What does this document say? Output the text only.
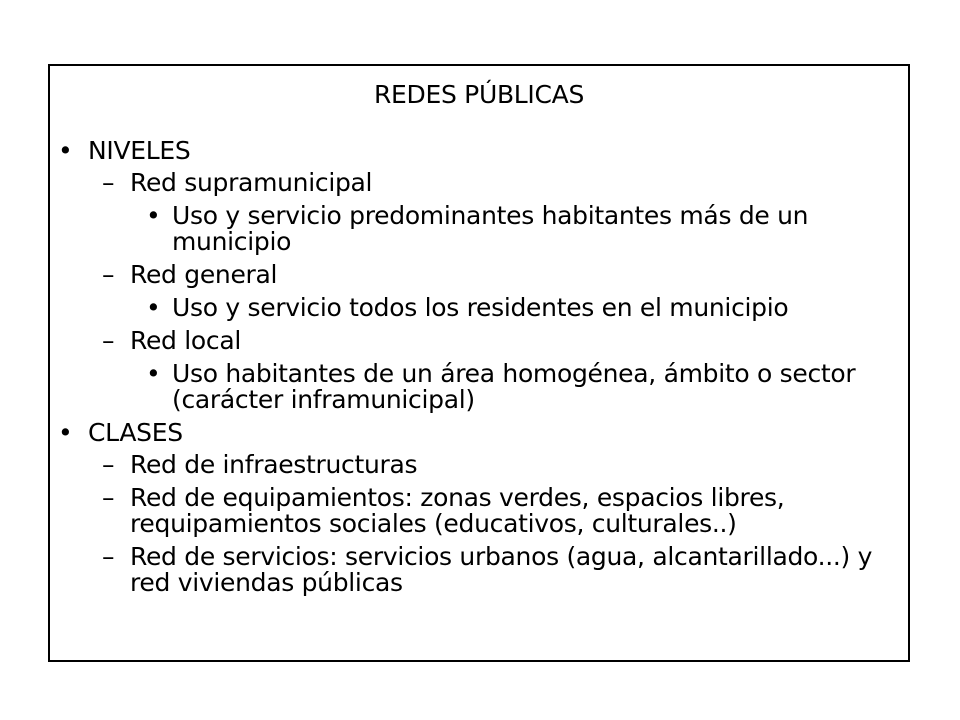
REDES PÚBLICAS
• NIVELES
– Red supramunicipal
• Uso y servicio predominantes habitantes más de un municipio
– Red general
• Uso y servicio todos los residentes en el municipio
– Red local
• Uso habitantes de un área homogénea, ámbito o sector (carácter inframunicipal)
• CLASES
– Red de infraestructuras
– Red de equipamientos: zonas verdes, espacios libres, requipamientos sociales (educativos, culturales..)
– Red de servicios: servicios urbanos (agua, alcantarillado...) y red viviendas públicas
